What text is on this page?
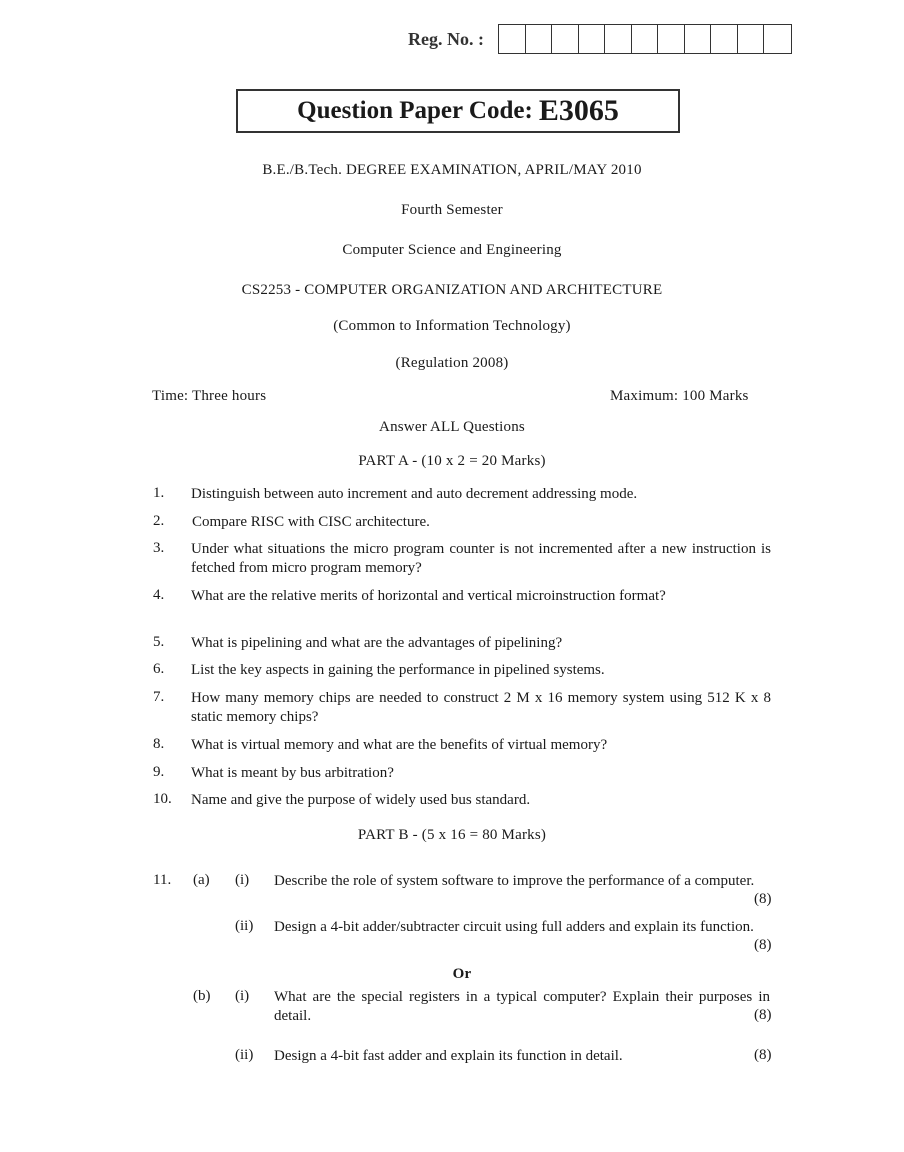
Reg. No. :
Question Paper Code: E3065
B.E./B.Tech. DEGREE EXAMINATION, APRIL/MAY 2010
Fourth Semester
Computer Science and Engineering
CS2253 - COMPUTER ORGANIZATION AND ARCHITECTURE
(Common to Information Technology)
(Regulation 2008)
Time: Three hours	Maximum: 100 Marks
Answer ALL Questions
PART A - (10 x 2 = 20 Marks)
1. Distinguish between auto increment and auto decrement addressing mode.
2. Compare RISC with CISC architecture.
3. Under what situations the micro program counter is not incremented after a new instruction is fetched from micro program memory?
4. What are the relative merits of horizontal and vertical microinstruction format?
5. What is pipelining and what are the advantages of pipelining?
6. List the key aspects in gaining the performance in pipelined systems.
7. How many memory chips are needed to construct 2 M x 16 memory system using 512 K x 8 static memory chips?
8. What is virtual memory and what are the benefits of virtual memory?
9. What is meant by bus arbitration?
10. Name and give the purpose of widely used bus standard.
PART B - (5 x 16 = 80 Marks)
11. (a) (i) Describe the role of system software to improve the performance of a computer.
(8)
(ii) Design a 4-bit adder/subtracter circuit using full adders and explain its function.
(8)
Or
(b) (i) What are the special registers in a typical computer? Explain their purposes in detail.	(8)
(ii) Design a 4-bit fast adder and explain its function in detail.	(8)
